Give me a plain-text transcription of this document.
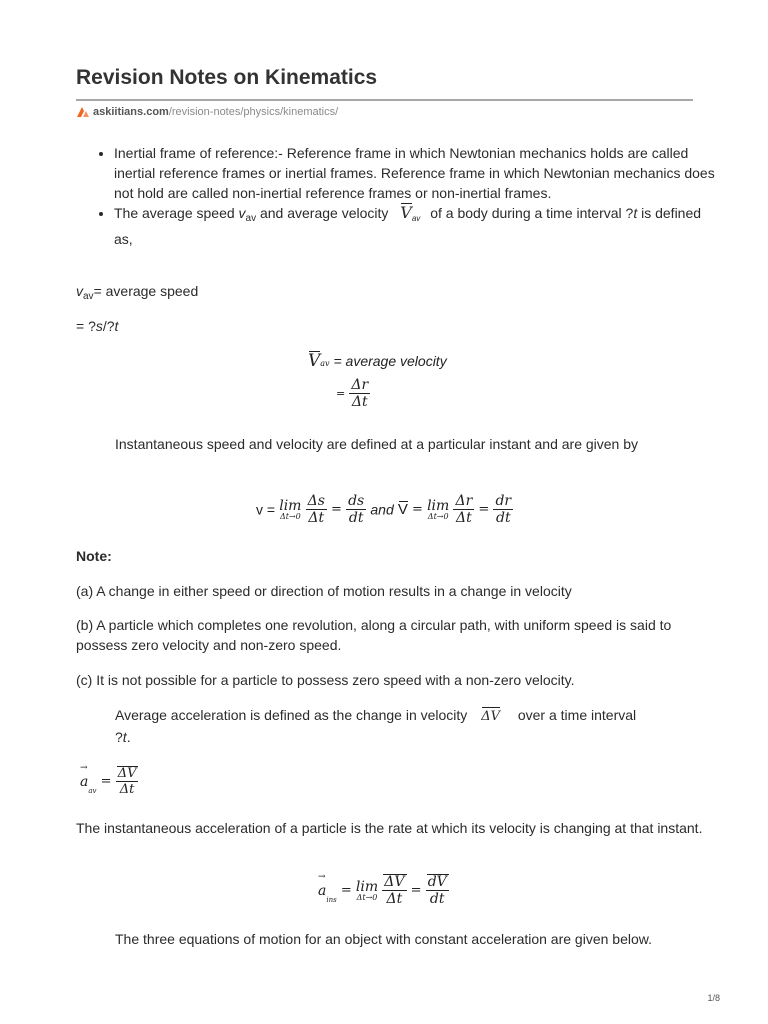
Revision Notes on Kinematics
askiitians.com/revision-notes/physics/kinematics/
• Inertial frame of reference:- Reference frame in which Newtonian mechanics holds are called inertial reference frames or inertial frames. Reference frame in which Newtonian mechanics does not hold are called non-inertial reference frames or non-inertial frames.
• The average speed $v_{av}$ and average velocity $V_{av}$ of a body during a time interval ?t is defined as,
$v_{av}=$ average speed
= ?s/?t
Vav = average velocity
= $\frac{\Delta r}{\Delta t}$
Instantaneous speed and velocity are defined at a particular instant and are given by
v = lim
Δt→0
$\frac{\Delta s}{\Delta t} = \frac{ds}{dt}$ and V = lim
Δt→0
$\frac{\Delta r}{\Delta t} = \frac{dr}{dt}$
Note:
(a) A change in either speed or direction of motion results in a change in velocity
(b) A particle which completes one revolution, along a circular path, with uniform speed is said to possess zero velocity and non-zero speed.
(c) It is not possible for a particle to possess zero speed with a non-zero velocity.
Average acceleration is defined as the change in velocity ΔV over a time interval
?t.
→ $a_{av} = \frac{\Delta V}{\Delta t}$
The instantaneous acceleration of a particle is the rate at which its velocity is changing at that instant.
→ $a_{ins} = \lim$
Δt→0
$\frac{\Delta V}{\Delta t} = \frac{dV}{dt}$
The three equations of motion for an object with constant acceleration are given below.
1/8
